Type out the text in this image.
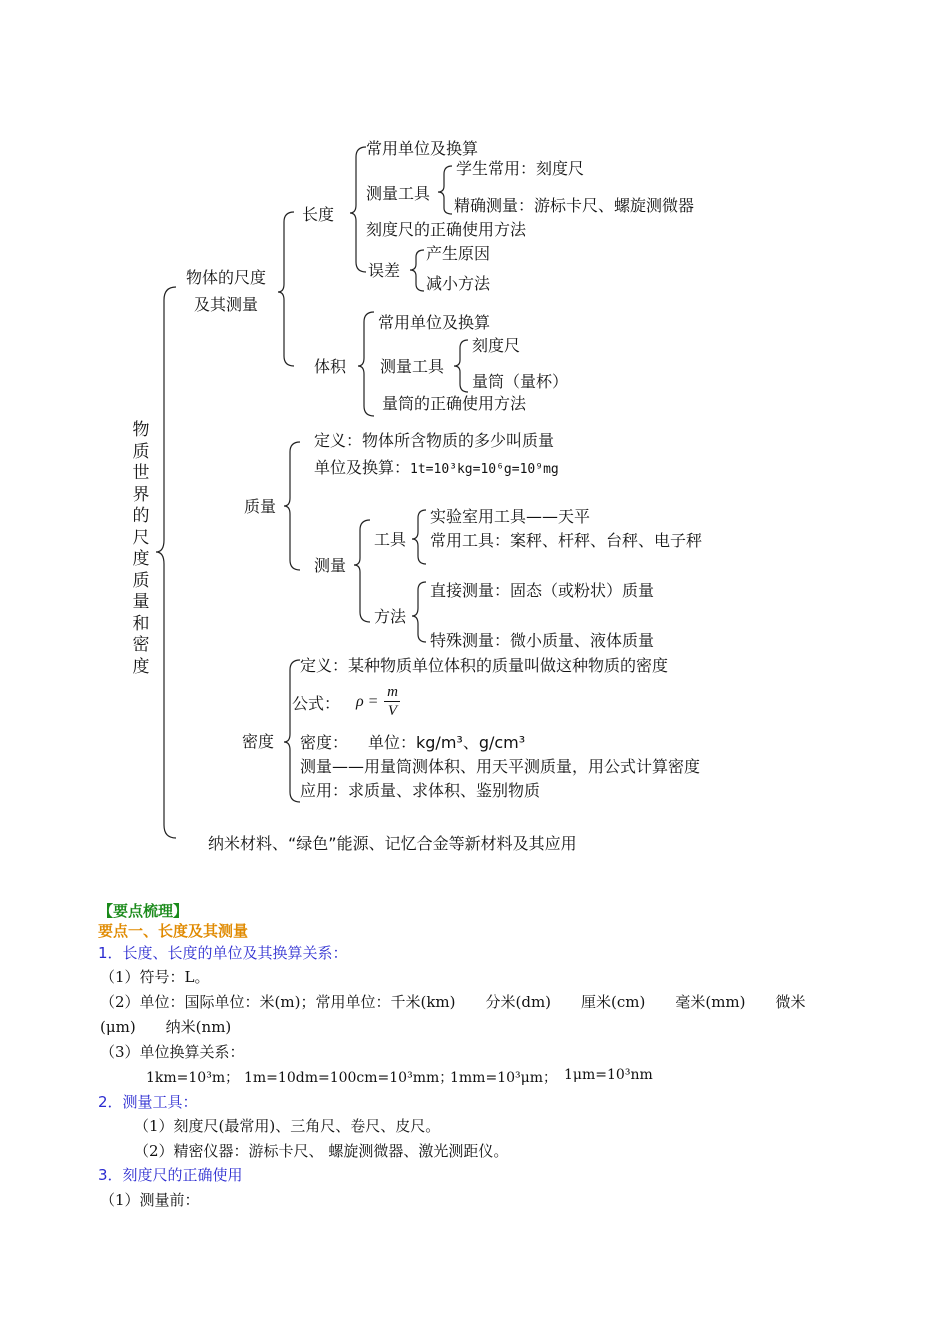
物质世界的尺度 质量和密度
物体的尺度
及其测量
长度
常用单位及换算
测量工具
学生常用：刻度尺
精确测量：游标卡尺、螺旋测微器
刻度尺的正确使用方法
误差
产生原因
减小方法
体积
常用单位及换算
测量工具
刻度尺
量筒（量杯）
量筒的正确使用方法
质量
定义：物体所含物质的多少叫质量
单位及换算：1t=10³kg=10⁶g=10⁹mg
测量
工具
实验室用工具——天平
常用工具：案秤、杆秤、台秤、电子秤
方法
直接测量：固态（或粉状）质量
特殊测量：微小质量、液体质量
密度
定义：某种物质单位体积的质量叫做这种物质的密度
公式： $\rho = \frac{m}{V}$
密度： 单位：kg/m³、g/cm³
测量——用量筒测体积、用天平测质量，用公式计算密度
应用：求质量、求体积、鉴别物质
纳米材料、“绿色”能源、记忆合金等新材料及其应用
【要点梳理】
要点一、长度及其测量
1．长度、长度的单位及其换算关系：
（1）符号：L。
（2）单位：国际单位：米(m)；常用单位：千米(km)　　分米(dm)　　厘米(cm)　　毫米(mm)　　微米
(μm)　　纳米(nm)
（3）单位换算关系：
1km=10³m； 1m=10dm=100cm=10³mm；
1mm=10³μm； 1μm=10³nm
2．测量工具：
（1）刻度尺(最常用)、三角尺、卷尺、皮尺。
（2）精密仪器：游标卡尺、 螺旋测微器、激光测距仪。
3．刻度尺的正确使用
（1）测量前：
